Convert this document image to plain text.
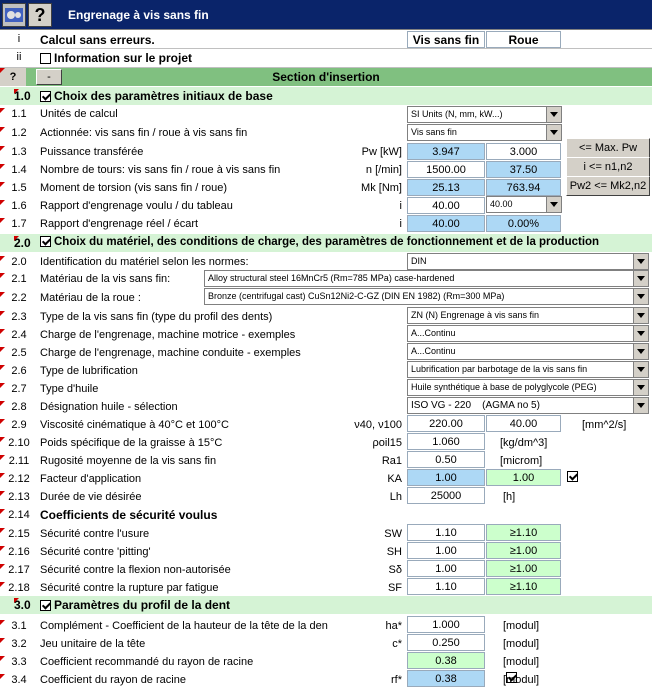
?	Engrenage à vis sans fin
i	Calcul sans erreurs.	Vis sans fin	Roue
ii	Information sur le projet
?	-	Section d'insertion
1.0	Choix des paramètres initiaux de base
1.1	Unités de calcul	SI Units (N, mm, kW...)
1.2	Actionnée: vis sans fin / roue à vis sans fin	Vis sans fin
1.3	Puissance transférée	Pw [kW]	3.947	3.000	<= Max. Pw
1.4	Nombre de tours: vis sans fin / roue à vis sans fin	n [/min]	1500.00	37.50	i <= n1,n2
1.5	Moment de torsion (vis sans fin / roue)	Mk [Nm]	25.13	763.94	Pw2 <= Mk2,n2
1.6	Rapport d'engrenage voulu / du tableau	i	40.00	40.00
1.7	Rapport d'engrenage réel / écart	i	40.00	0.00%
2.0	Choix du matériel, des conditions de charge, des paramètres de fonctionnement et de la production
2.0	Identification du matériel selon les normes:	DIN
2.1	Matériau de la vis sans fin:	Alloy structural steel 16MnCr5 (Rm=785 MPa) case-hardened
2.2	Matériau de la roue :	Bronze (centrifugal cast) CuSn12Ni2-C-GZ (DIN EN 1982) (Rm=300 MPa)
2.3	Type de la vis sans fin (type du profil des dents)	ZN (N) Engrenage à vis sans fin
2.4	Charge de l'engrenage, machine motrice - exemples	A...Continu
2.5	Charge de l'engrenage, machine conduite - exemples	A...Continu
2.6	Type de lubrification	Lubrification par barbotage de la vis sans fin
2.7	Type d'huile	Huile synthétique à base de polyglycole (PEG)
2.8	Désignation huile - sélection	ISO VG - 220    (AGMA no 5)
2.9	Viscosité cinématique à 40°C et 100°C	ν40, ν100	220.00	40.00	[mm^2/s]
2.10 Poids spécifique de la graisse à 15°C	ρoil15	1.060	[kg/dm^3]
2.11 Rugosité moyenne de la vis sans fin	Ra1	0.50	[microm]
2.12 Facteur d'application	KA	1.00	1.00

2.13 Durée de vie désirée	Lh	25000	[h]
2.14 Coefficients de sécurité voulus
2.15 Sécurité contre l'usure	SW	1.10	≥1.10
2.16 Sécurité contre 'pitting'	SH	1.00	≥1.00
2.17 Sécurité contre la flexion non-autorisée	Sδ	1.00	≥1.00
2.18 Sécurité contre la rupture par fatigue	SF	1.10	≥1.10
3.0	Paramètres du profil de la dent
3.1	Complément - Coefficient de la hauteur de la tête de la den	ha*	1.000	[modul]
3.2	Jeu unitaire de la tête	c*	0.250	[modul]
3.3	Coefficient recommandé du rayon de racine	0.38	[modul]
3.4	Coefficient du rayon de racine	rf*	0.38	[modul]
